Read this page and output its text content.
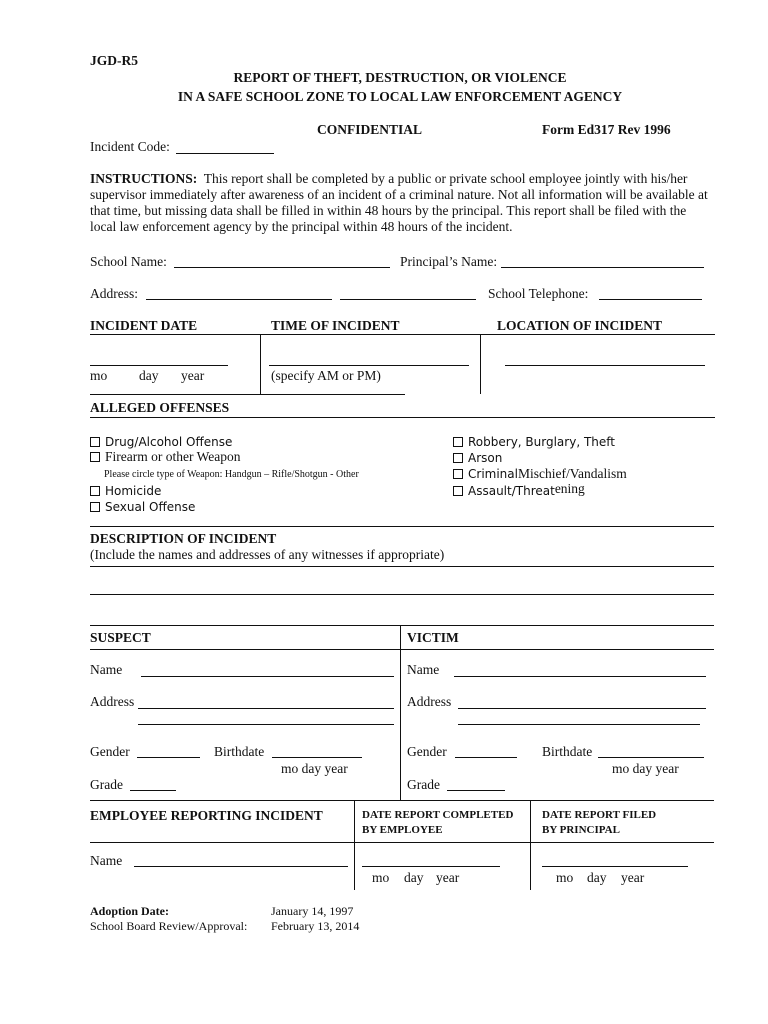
JGD-R5
REPORT OF THEFT, DESTRUCTION, OR VIOLENCE
IN A SAFE SCHOOL ZONE TO LOCAL LAW ENFORCEMENT AGENCY
CONFIDENTIAL	Form Ed317 Rev 1996
Incident Code:
INSTRUCTIONS: This report shall be completed by a public or private school employee jointly with his/her supervisor immediately after awareness of an incident of a criminal nature. Not all information will be available at that time, but missing data shall be filled in within 48 hours by the principal. This report shall be filed with the local law enforcement agency by the principal within 48 hours of the incident.
School Name:	Principal’s Name:
Address:	School Telephone:
INCIDENT DATE	TIME OF INCIDENT	LOCATION OF INCIDENT
mo day year	(specify AM or PM)
ALLEGED OFFENSES
Drug/Alcohol Offense
Firearm or other Weapon
Please circle type of Weapon: Handgun – Rifle/Shotgun - Other
Homicide
Sexual Offense
Robbery, Burglary, Theft
Arson
CriminalMischief/Vandalism
Assault/Threatening
DESCRIPTION OF INCIDENT
(Include the names and addresses of any witnesses if appropriate)
SUSPECT	VICTIM
Name
Address
Gender	Birthdate
mo day year
Grade
Name
Address
Gender	Birthdate
mo day year
Grade
EMPLOYEE REPORTING INCIDENT	DATE REPORT COMPLETED
BY EMPLOYEE
DATE REPORT FILED
BY PRINCIPAL
Name
mo day year	mo day year
Adoption Date:	January 14, 1997
School Board Review/Approval: February 13, 2014
